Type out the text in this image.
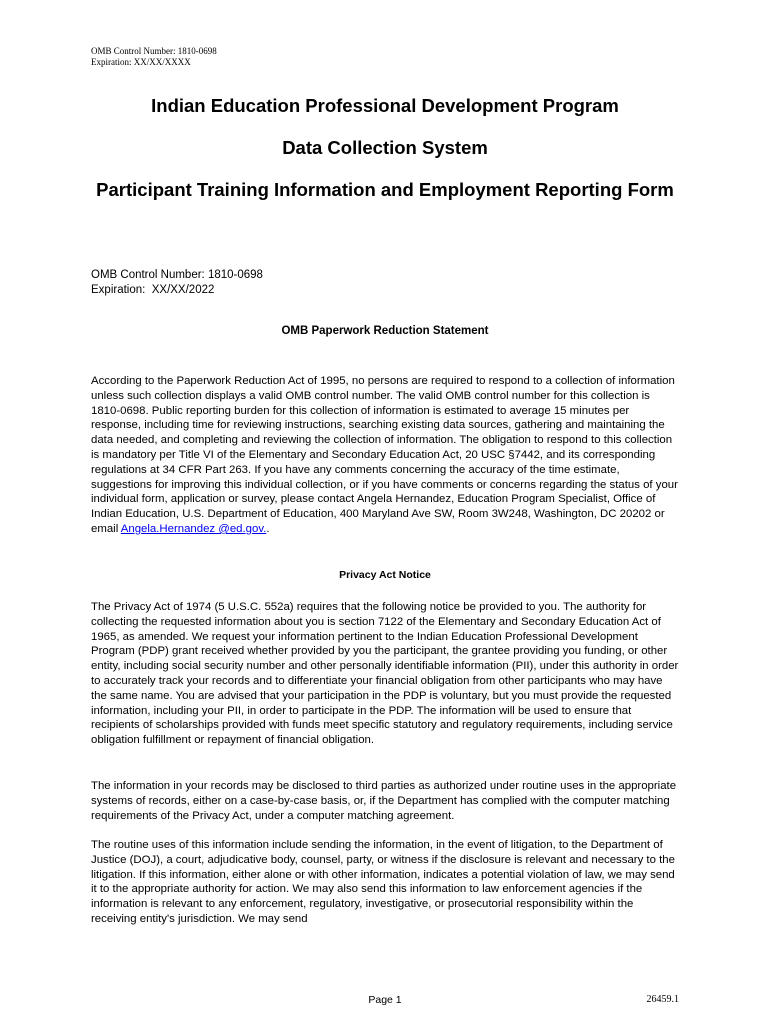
OMB Control Number: 1810-0698
Expiration: XX/XX/XXXX
Indian Education Professional Development Program
Data Collection System
Participant Training Information and Employment Reporting Form
OMB Control Number: 1810-0698
Expiration:  XX/XX/2022
OMB Paperwork Reduction Statement

According to the Paperwork Reduction Act of 1995, no persons are required to respond to a collection of information unless such collection displays a valid OMB control number. The valid OMB control number for this collection is 1810-0698. Public reporting burden for this collection of information is estimated to average 15 minutes per response, including time for reviewing instructions, searching existing data sources, gathering and maintaining the data needed, and completing and reviewing the collection of information. The obligation to respond to this collection is mandatory per Title VI of the Elementary and Secondary Education Act, 20 USC §7442, and its corresponding regulations at 34 CFR Part 263. If you have any comments concerning the accuracy of the time estimate, suggestions for improving this individual collection, or if you have comments or concerns regarding the status of your individual form, application or survey, please contact Angela Hernandez, Education Program Specialist, Office of Indian Education, U.S. Department of Education, 400 Maryland Ave SW, Room 3W248, Washington, DC 20202 or email Angela.Hernandez @ed.gov..

Privacy Act Notice

The Privacy Act of 1974 (5 U.S.C. 552a) requires that the following notice be provided to you. The authority for collecting the requested information about you is section 7122 of the Elementary and Secondary Education Act of 1965, as amended. We request your information pertinent to the Indian Education Professional Development Program (PDP) grant received whether provided by you the participant, the grantee providing you funding, or other entity, including social security number and other personally identifiable information (PII), under this authority in order to accurately track your records and to differentiate your financial obligation from other participants who may have the same name. You are advised that your participation in the PDP is voluntary, but you must provide the requested information, including your PII, in order to participate in the PDP. The information will be used to ensure that recipients of scholarships provided with funds meet specific statutory and regulatory requirements, including service obligation fulfillment or repayment of financial obligation.

The information in your records may be disclosed to third parties as authorized under routine uses in the appropriate systems of records, either on a case-by-case basis, or, if the Department has complied with the computer matching requirements of the Privacy Act, under a computer matching agreement.

The routine uses of this information include sending the information, in the event of litigation, to the Department of Justice (DOJ), a court, adjudicative body, counsel, party, or witness if the disclosure is relevant and necessary to the litigation. If this information, either alone or with other information, indicates a potential violation of law, we may send it to the appropriate authority for action. We may also send this information to law enforcement agencies if the information is relevant to any enforcement, regulatory, investigative, or prosecutorial responsibility within the receiving entity's jurisdiction. We may send

Page 1	26459.1
